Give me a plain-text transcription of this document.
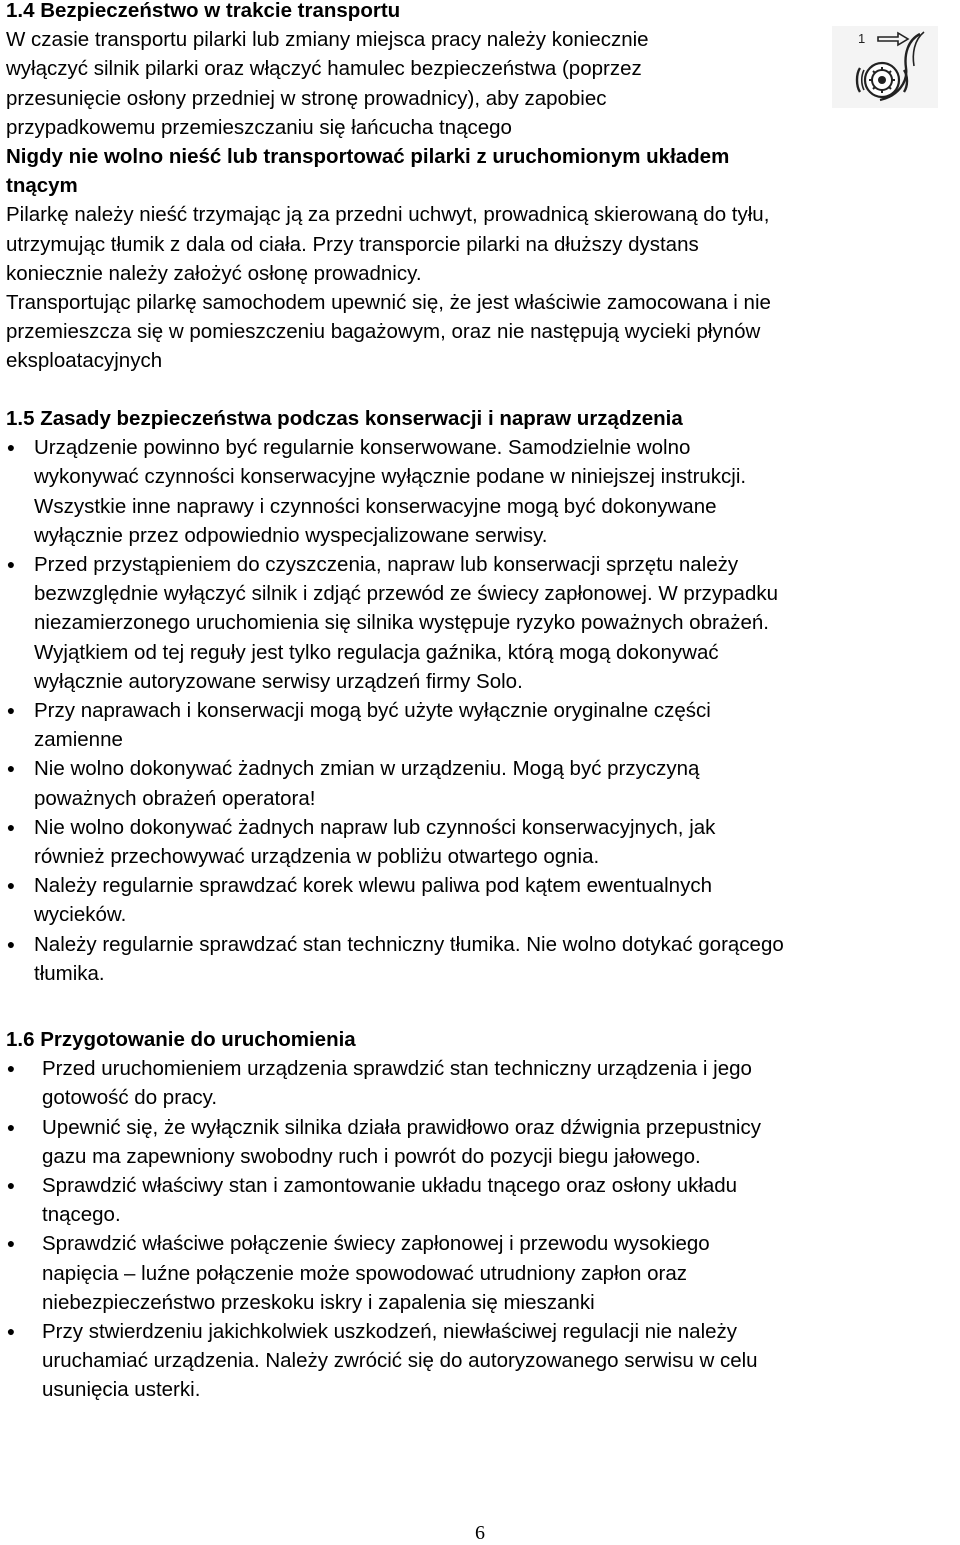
1.4 Bezpieczeństwo w trakcie transportu
W czasie transportu pilarki lub zmiany miejsca pracy należy koniecznie
wyłączyć silnik pilarki oraz włączyć hamulec bezpieczeństwa (poprzez
przesunięcie osłony przedniej w stronę prowadnicy), aby zapobiec
przypadkowemu przemieszczaniu się łańcucha tnącego
Nigdy nie wolno nieść lub transportować pilarki z uruchomionym układem
tnącym
Pilarkę należy nieść trzymając ją za przedni uchwyt, prowadnicą skierowaną do tyłu,
utrzymując tłumik z dala od ciała. Przy transporcie pilarki na dłuższy dystans
koniecznie należy założyć osłonę prowadnicy.
Transportując pilarkę samochodem upewnić się, że jest właściwie zamocowana i nie
przemieszcza się w pomieszczeniu bagażowym, oraz nie następują wycieki płynów
eksploatacyjnych
1
1.5 Zasady bezpieczeństwa podczas konserwacji i napraw urządzenia
● Urządzenie powinno być regularnie konserwowane. Samodzielnie wolno
wykonywać czynności konserwacyjne wyłącznie podane w niniejszej instrukcji.
Wszystkie inne naprawy i czynności konserwacyjne mogą być dokonywane
wyłącznie przez odpowiednio wyspecjalizowane serwisy.
● Przed przystąpieniem do czyszczenia, napraw lub konserwacji sprzętu należy
bezwzględnie wyłączyć silnik i zdjąć przewód ze świecy zapłonowej. W przypadku
niezamierzonego uruchomienia się silnika występuje ryzyko poważnych obrażeń.
Wyjątkiem od tej reguły jest tylko regulacja gaźnika, którą mogą dokonywać
wyłącznie autoryzowane serwisy urządzeń firmy Solo.
● Przy naprawach i konserwacji mogą być użyte wyłącznie oryginalne części
zamienne
● Nie wolno dokonywać żadnych zmian w urządzeniu. Mogą być przyczyną
poważnych obrażeń operatora!
● Nie wolno dokonywać żadnych napraw lub czynności konserwacyjnych, jak
również przechowywać urządzenia w pobliżu otwartego ognia.
● Należy regularnie sprawdzać korek wlewu paliwa pod kątem ewentualnych
wycieków.
● Należy regularnie sprawdzać stan techniczny tłumika. Nie wolno dotykać gorącego
tłumika.
1.6 Przygotowanie do uruchomienia
● Przed uruchomieniem urządzenia sprawdzić stan techniczny urządzenia i jego
gotowość do pracy.
● Upewnić się, że wyłącznik silnika działa prawidłowo oraz dźwignia przepustnicy
gazu ma zapewniony swobodny ruch i powrót do pozycji biegu jałowego.
● Sprawdzić właściwy stan i zamontowanie układu tnącego oraz osłony układu
tnącego.
● Sprawdzić właściwe połączenie świecy zapłonowej i przewodu wysokiego
napięcia – luźne połączenie może spowodować utrudniony zapłon oraz
niebezpieczeństwo przeskoku iskry i zapalenia się mieszanki
● Przy stwierdzeniu jakichkolwiek uszkodzeń, niewłaściwej regulacji nie należy
uruchamiać urządzenia. Należy zwrócić się do autoryzowanego serwisu w celu
usunięcia usterki.
6
